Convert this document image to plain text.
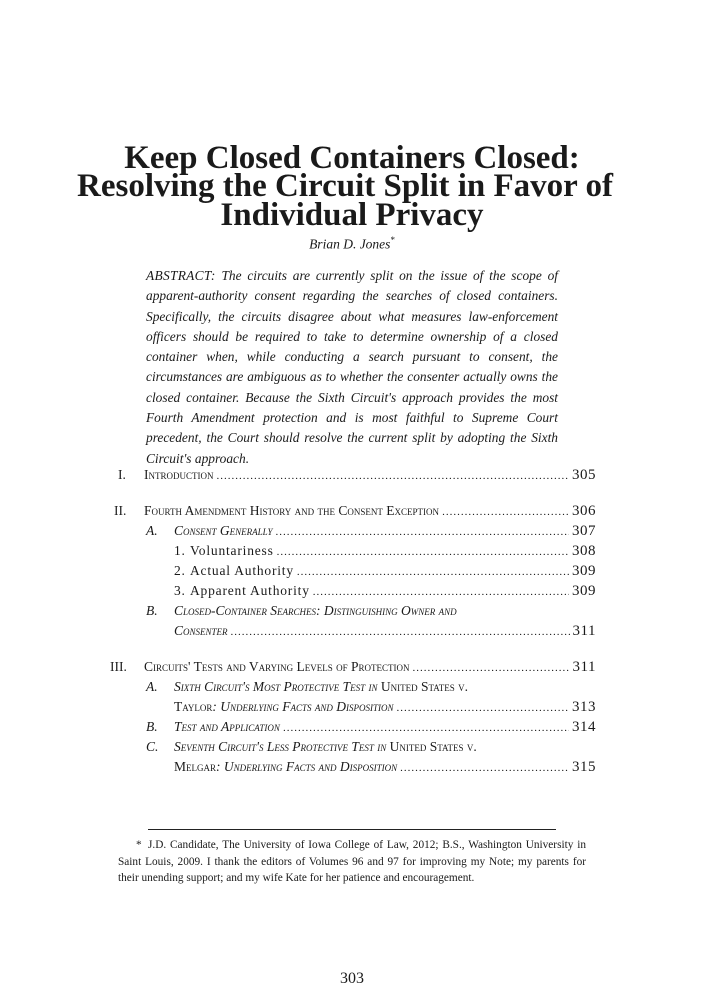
Keep Closed Containers Closed:
Resolving the Circuit Split in Favor of
Individual Privacy
Brian D. Jones*
ABSTRACT: The circuits are currently split on the issue of the scope of apparent-authority consent regarding the searches of closed containers. Specifically, the circuits disagree about what measures law-enforcement officers should be required to take to determine ownership of a closed container when, while conducting a search pursuant to consent, the circumstances are ambiguous as to whether the consenter actually owns the closed container. Because the Sixth Circuit's approach provides the most Fourth Amendment protection and is most faithful to Supreme Court precedent, the Court should resolve the current split by adopting the Sixth Circuit's approach.
I. Introduction .....	305
II. Fourth Amendment History and the Consent Exception .....	306
A. Consent Generally .....	307
1. Voluntariness .....	308
2. Actual Authority .....	309
3. Apparent Authority .....	309
B. Closed-Container Searches: Distinguishing Owner and
Consenter .....	311
III. Circuits' Tests and Varying Levels of Protection .....	311
A. Sixth Circuit's Most Protective Test in United States v.
Taylor: Underlying Facts and Disposition .....	313
B. Test and Application .....	314
C. Seventh Circuit's Less Protective Test in United States v.
Melgar: Underlying Facts and Disposition .....	315
* J.D. Candidate, The University of Iowa College of Law, 2012; B.S., Washington University in Saint Louis, 2009. I thank the editors of Volumes 96 and 97 for improving my Note; my parents for their unending support; and my wife Kate for her patience and encouragement.
303
